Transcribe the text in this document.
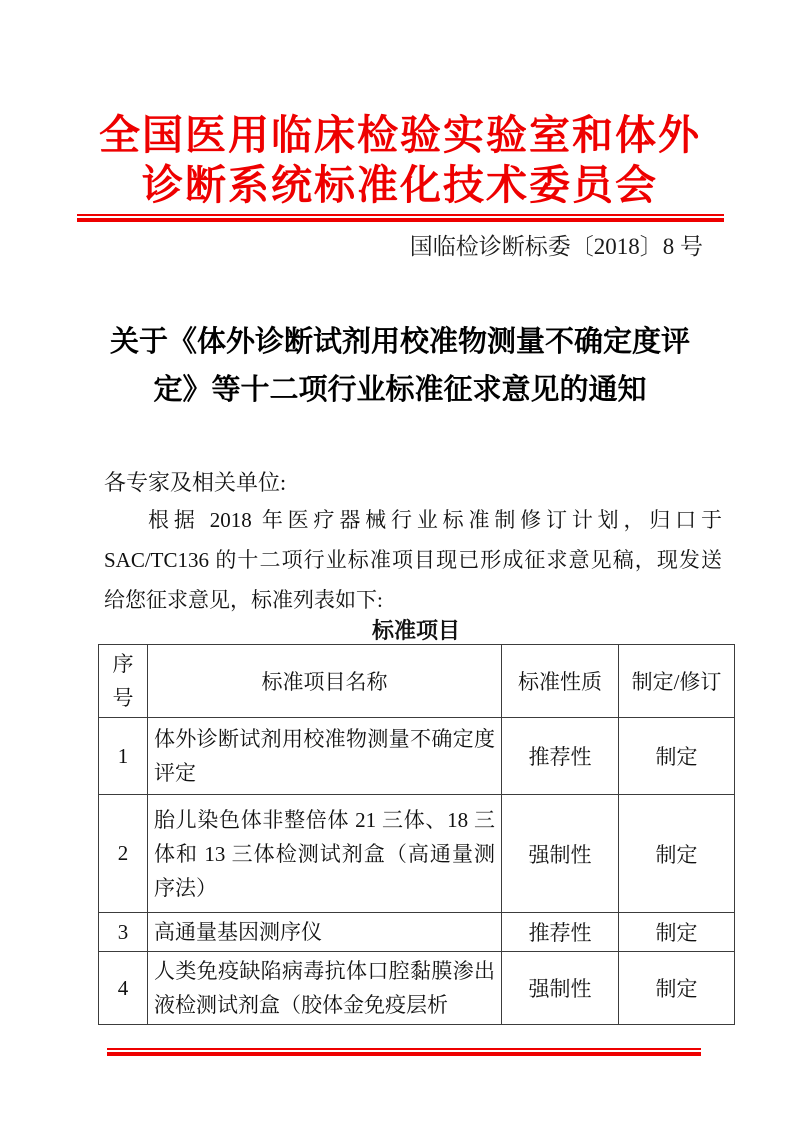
全国医用临床检验实验室和体外
诊断系统标准化技术委员会
国临检诊断标委〔2018〕8 号
关于《体外诊断试剂用校准物测量不确定度评
定》等十二项行业标准征求意见的通知
各专家及相关单位:
根据 2018 年医疗器械行业标准制修订计划，归口于
SAC/TC136 的十二项行业标准项目现已形成征求意见稿，现发送
给您征求意见，标准列表如下:
标准项目
序号	标准项目名称	标准性质	制定/修订
1	体外诊断试剂用校准物测量不确定度评定	推荐性	制定
2	胎儿染色体非整倍体 21 三体、18 三体和 13 三体检测试剂盒（高通量测序法）	强制性	制定
3	高通量基因测序仪	推荐性	制定
4	人类免疫缺陷病毒抗体口腔黏膜渗出液检测试剂盒（胶体金免疫层析	强制性	制定
